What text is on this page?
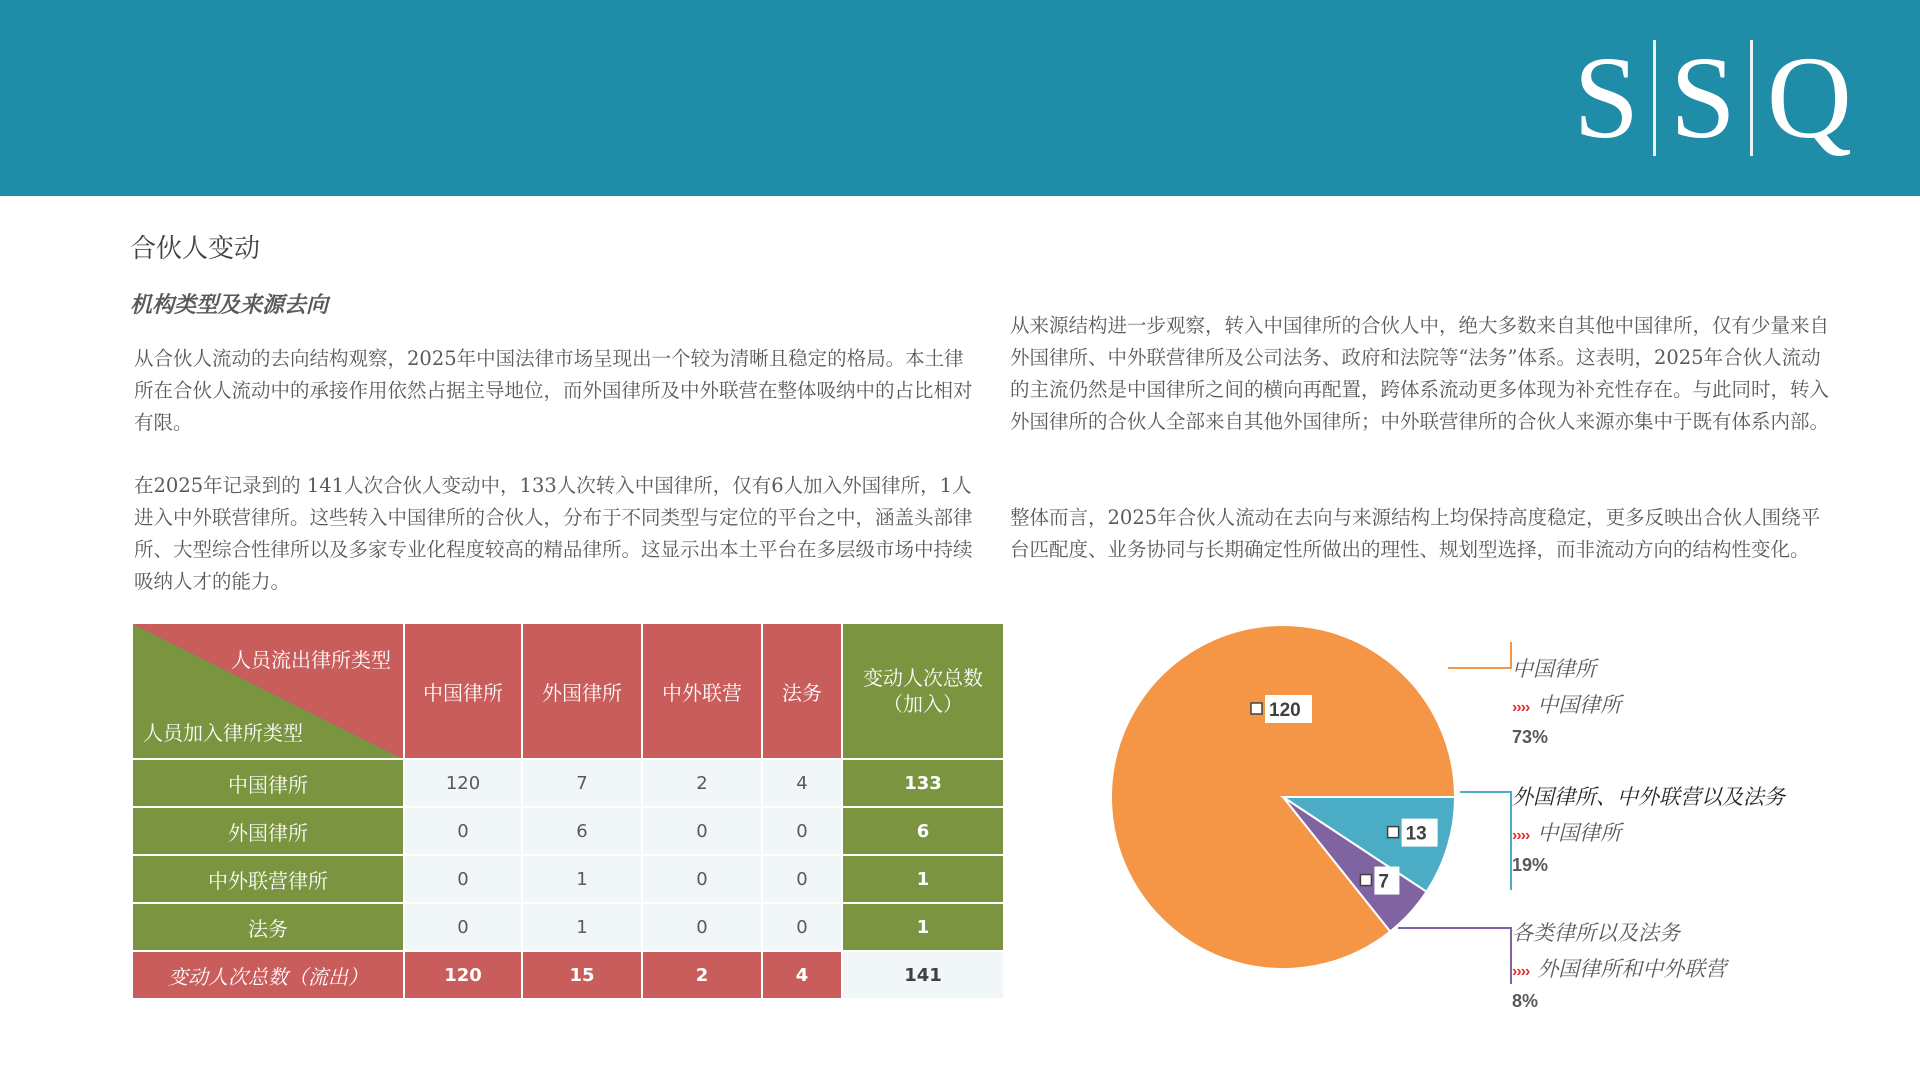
S S Q
合伙人变动
机构类型及来源去向
从合伙人流动的去向结构观察，2025年中国法律市场呈现出一个较为清晰且稳定的格局。本土律所在合伙人流动中的承接作用依然占据主导地位，而外国律所及中外联营在整体吸纳中的占比相对有限。
在2025年记录到的 141人次合伙人变动中，133人次转入中国律所，仅有6人加入外国律所，1人进入中外联营律所。这些转入中国律所的合伙人，分布于不同类型与定位的平台之中，涵盖头部律所、大型综合性律所以及多家专业化程度较高的精品律所。这显示出本土平台在多层级市场中持续吸纳人才的能力。
从来源结构进一步观察，转入中国律所的合伙人中，绝大多数来自其他中国律所，仅有少量来自外国律所、中外联营律所及公司法务、政府和法院等“法务”体系。这表明，2025年合伙人流动的主流仍然是中国律所之间的横向再配置，跨体系流动更多体现为补充性存在。与此同时，转入外国律所的合伙人全部来自其他外国律所；中外联营律所的合伙人来源亦集中于既有体系内部。
整体而言，2025年合伙人流动在去向与来源结构上均保持高度稳定，更多反映出合伙人围绕平台匹配度、业务协同与长期确定性所做出的理性、规划型选择，而非流动方向的结构性变化。
人员流出律所类型
人员加入律所类型	中国律所	外国律所	中外联营	法务	变动人次总数
（加入）
中国律所	120	7	2	4	133
外国律所	0	6	0	0	6
中外联营律所	0	1	0	0	1
法务	0	1	0	0	1
变动人次总数（流出）	120	15	2	4	141
120
13
7
中国律所
›››› 中国律所
73%
外国律所、中外联营以及法务
›››› 中国律所
19%
各类律所以及法务
›››› 外国律所和中外联营
8%
